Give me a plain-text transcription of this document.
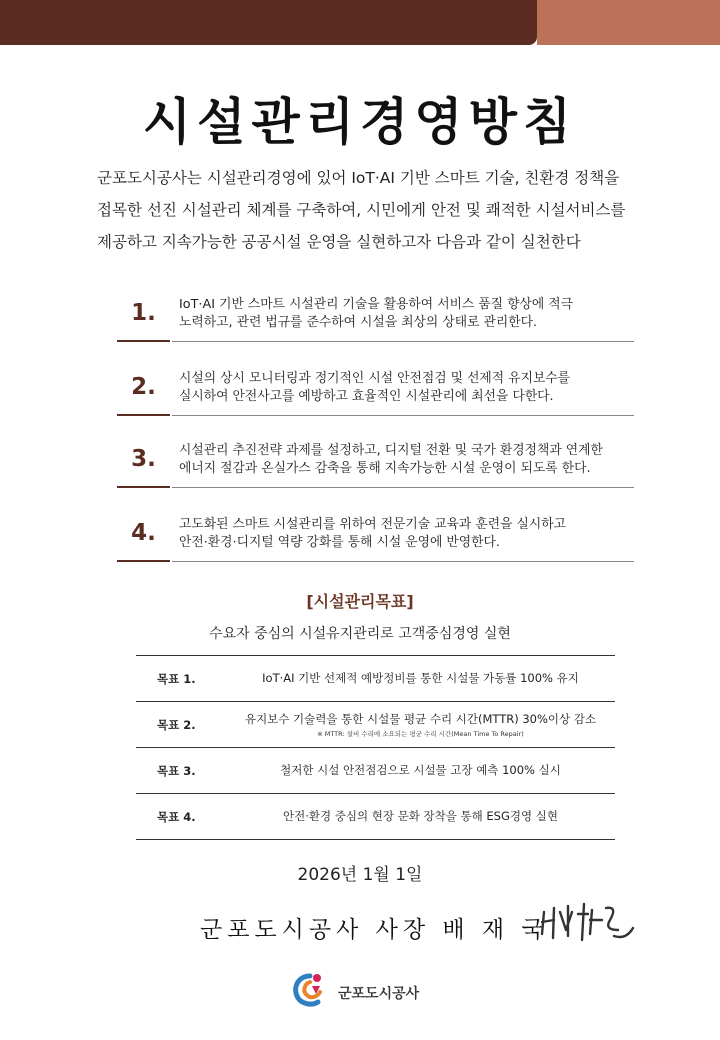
시설관리경영방침
군포도시공사는 시설관리경영에 있어 IoT·AI 기반 스마트 기술, 친환경 정책을
접목한 선진 시설관리 체계를 구축하여, 시민에게 안전 및 쾌적한 시설서비스를
제공하고 지속가능한 공공시설 운영을 실현하고자 다음과 같이 실천한다
1.	IoT·AI 기반 스마트 시설관리 기술을 활용하여 서비스 품질 향상에 적극
노력하고, 관련 법규를 준수하여 시설을 최상의 상태로 관리한다.
2.	시설의 상시 모니터링과 정기적인 시설 안전점검 및 선제적 유지보수를
실시하여 안전사고를 예방하고 효율적인 시설관리에 최선을 다한다.
3.	시설관리 추진전략 과제를 설정하고, 디지털 전환 및 국가 환경정책과 연계한
에너지 절감과 온실가스 감축을 통해 지속가능한 시설 운영이 되도록 한다.
4.	고도화된 스마트 시설관리를 위하여 전문기술 교육과 훈련을 실시하고
안전·환경·디지털 역량 강화를 통해 시설 운영에 반영한다.
[시설관리목표]
수요자 중심의 시설유지관리로 고객중심경영 실현
목표 1.	IoT·AI 기반 선제적 예방정비를 통한 시설물 가동률 100% 유지
목표 2.	유지보수 기술력을 통한 시설물 평균 수리 시간(MTTR) 30%이상 감소
※ MTTR: 설비 수리에 소요되는 평균 수리 시간(Mean Time To Repair)
목표 3.	철저한 시설 안전점검으로 시설물 고장 예측 100% 실시
목표 4.	안전·환경 중심의 현장 문화 장착을 통해 ESG경영 실현
2026년 1월 1일
군포도시공사 사장 배 재 국
군포도시공사
